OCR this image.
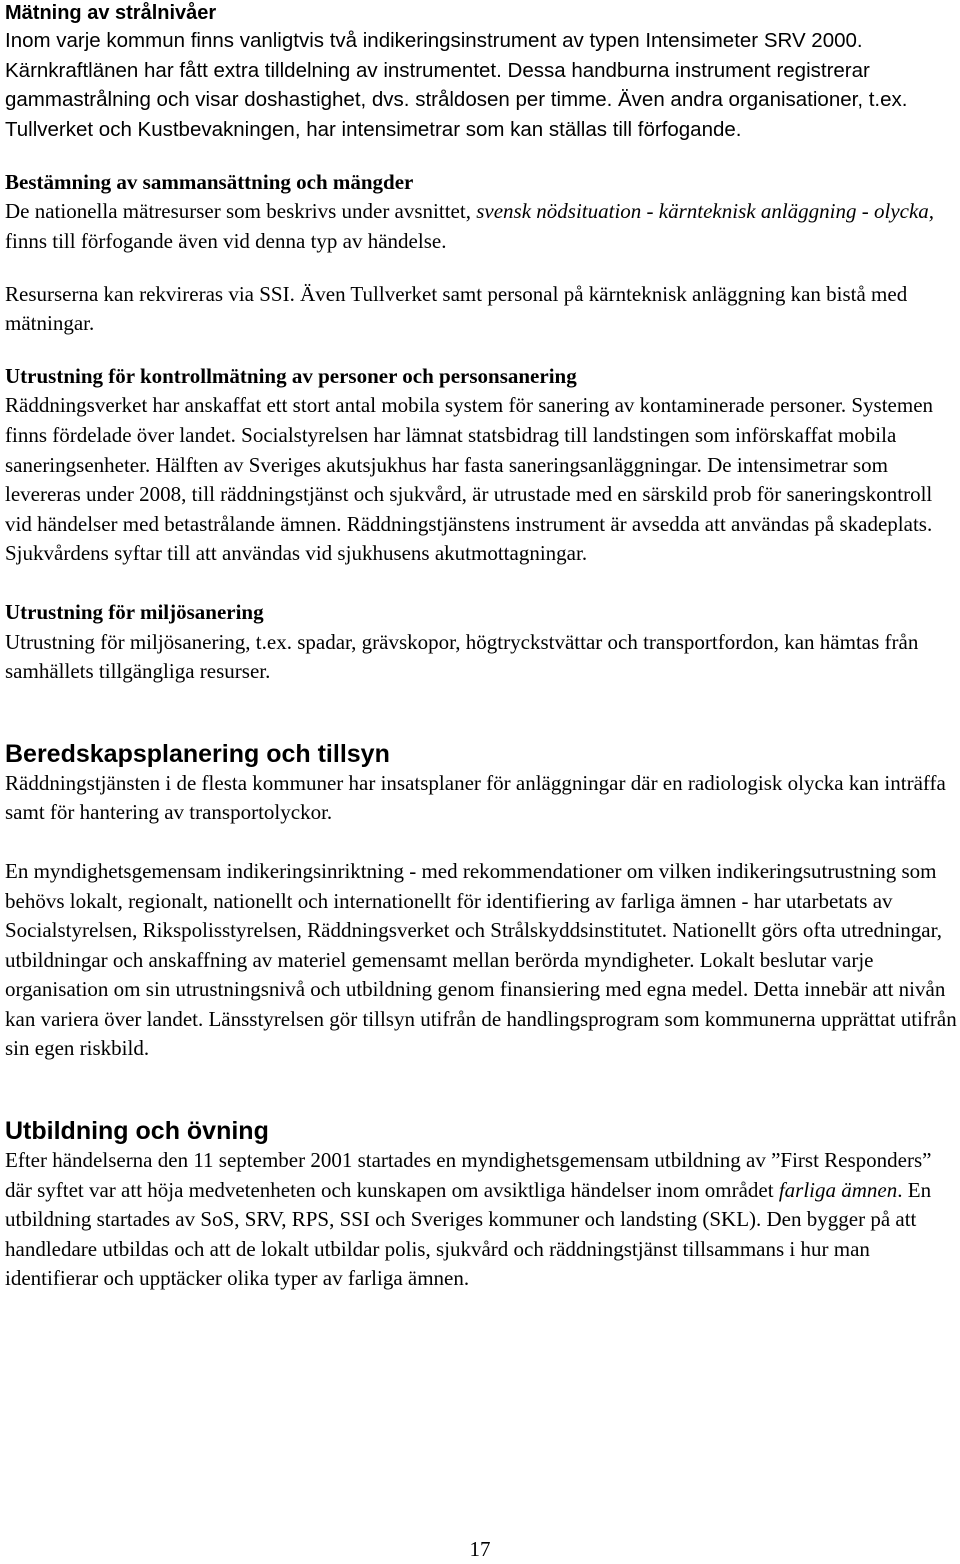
Mätning av strålnivåer

Inom varje kommun finns vanligtvis två indikeringsinstrument av typen Intensimeter SRV 2000. Kärnkraftlänen har fått extra tilldelning av instrumentet. Dessa handburna instrument registrerar gammastrålning och visar doshastighet, dvs. stråldosen per timme. Även andra organisationer, t.ex. Tullverket och Kustbevakningen, har intensimetrar som kan ställas till förfogande.

Bestämning av sammansättning och mängder

De nationella mätresurser som beskrivs under avsnittet, svensk nödsituation - kärnteknisk anläggning - olycka, finns till förfogande även vid denna typ av händelse.

Resurserna kan rekvireras via SSI. Även Tullverket samt personal på kärnteknisk anläggning kan bistå med mätningar.

Utrustning för kontrollmätning av personer och personsanering

Räddningsverket har anskaffat ett stort antal mobila system för sanering av kontaminerade personer. Systemen finns fördelade över landet. Socialstyrelsen har lämnat statsbidrag till landstingen som införskaffat mobila saneringsenheter. Hälften av Sveriges akutsjukhus har fasta saneringsanläggningar. De intensimetrar som levereras under 2008, till räddningstjänst och sjukvård, är utrustade med en särskild prob för saneringskontroll vid händelser med betastrålande ämnen. Räddningstjänstens instrument är avsedda att användas på skadeplats. Sjukvårdens syftar till att användas vid sjukhusens akutmottagningar.

Utrustning för miljösanering

Utrustning för miljösanering, t.ex. spadar, grävskopor, högtryckstvättar och transportfordon, kan hämtas från samhällets tillgängliga resurser.

Beredskapsplanering och tillsyn

Räddningstjänsten i de flesta kommuner har insatsplaner för anläggningar där en radiologisk olycka kan inträffa samt för hantering av transportolyckor.

En myndighetsgemensam indikeringsinriktning - med rekommendationer om vilken indikeringsutrustning som behövs lokalt, regionalt, nationellt och internationellt för identifiering av farliga ämnen - har utarbetats av Socialstyrelsen, Rikspolisstyrelsen, Räddningsverket och Strålskyddsinstitutet. Nationellt görs ofta utredningar, utbildningar och anskaffning av materiel gemensamt mellan berörda myndigheter. Lokalt beslutar varje organisation om sin utrustningsnivå och utbildning genom finansiering med egna medel. Detta innebär att nivån kan variera över landet. Länsstyrelsen gör tillsyn utifrån de handlingsprogram som kommunerna upprättat utifrån sin egen riskbild.

Utbildning och övning

Efter händelserna den 11 september 2001 startades en myndighetsgemensam utbildning av ”First Responders” där syftet var att höja medvetenheten och kunskapen om avsiktliga händelser inom området farliga ämnen. En utbildning startades av SoS, SRV, RPS, SSI och Sveriges kommuner och landsting (SKL). Den bygger på att handledare utbildas och att de lokalt utbildar polis, sjukvård och räddningstjänst tillsammans i hur man identifierar och upptäcker olika typer av farliga ämnen.

17
